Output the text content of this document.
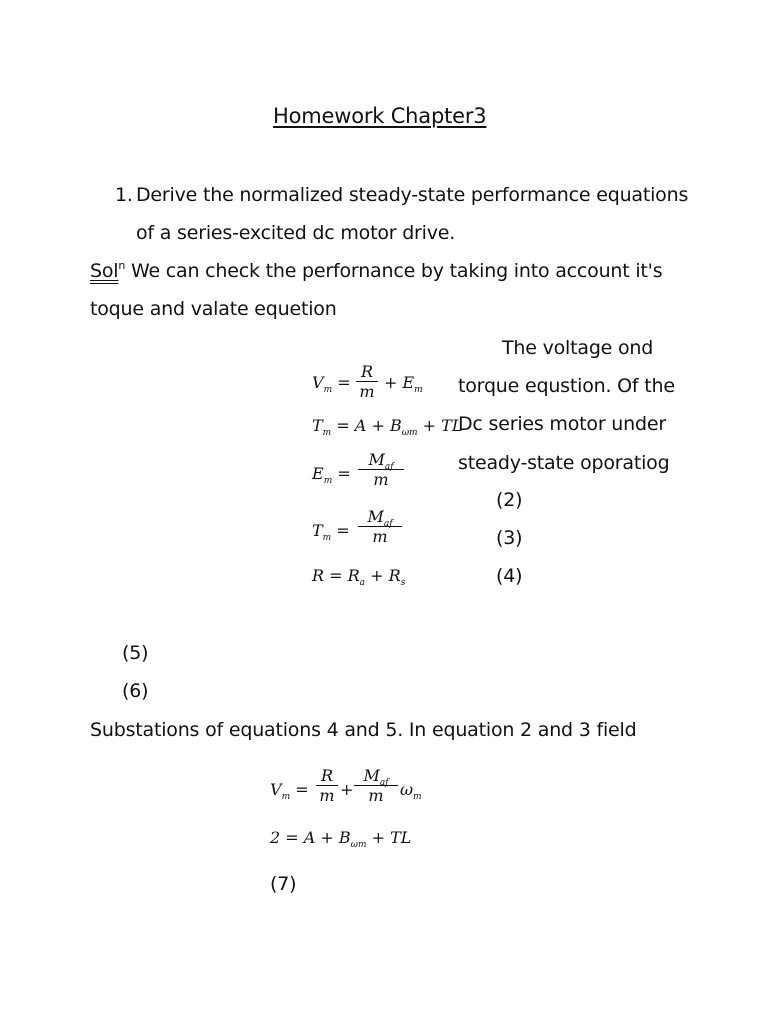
Homework Chapter3
1. Derive the normalized steady-state performance equations
of a series-excited dc motor drive.
Sol$^n$ We can check the perfornance by taking into account it's
toque and valate equetion
The voltage ond
torque equstion. Of the
Dc series motor under
steady-state oporatiog
(2)
(3)
(4)
(5)
(6)
Substations of equations 4 and 5. In equation 2 and 3 field
(7)
$V_m$ =
R
$m + E_m$
$T_m = A + B_{\omega m}$ + TL
$E_m$ =
$M_{af}$
m
$T_m$ =
$M_{af}$
m
$R = R_a + R_s$
$V_m$ =
R
m +
$M_{af}$
m	$\omega_m$
$2 = A + B_{\omega m}$ + TL
